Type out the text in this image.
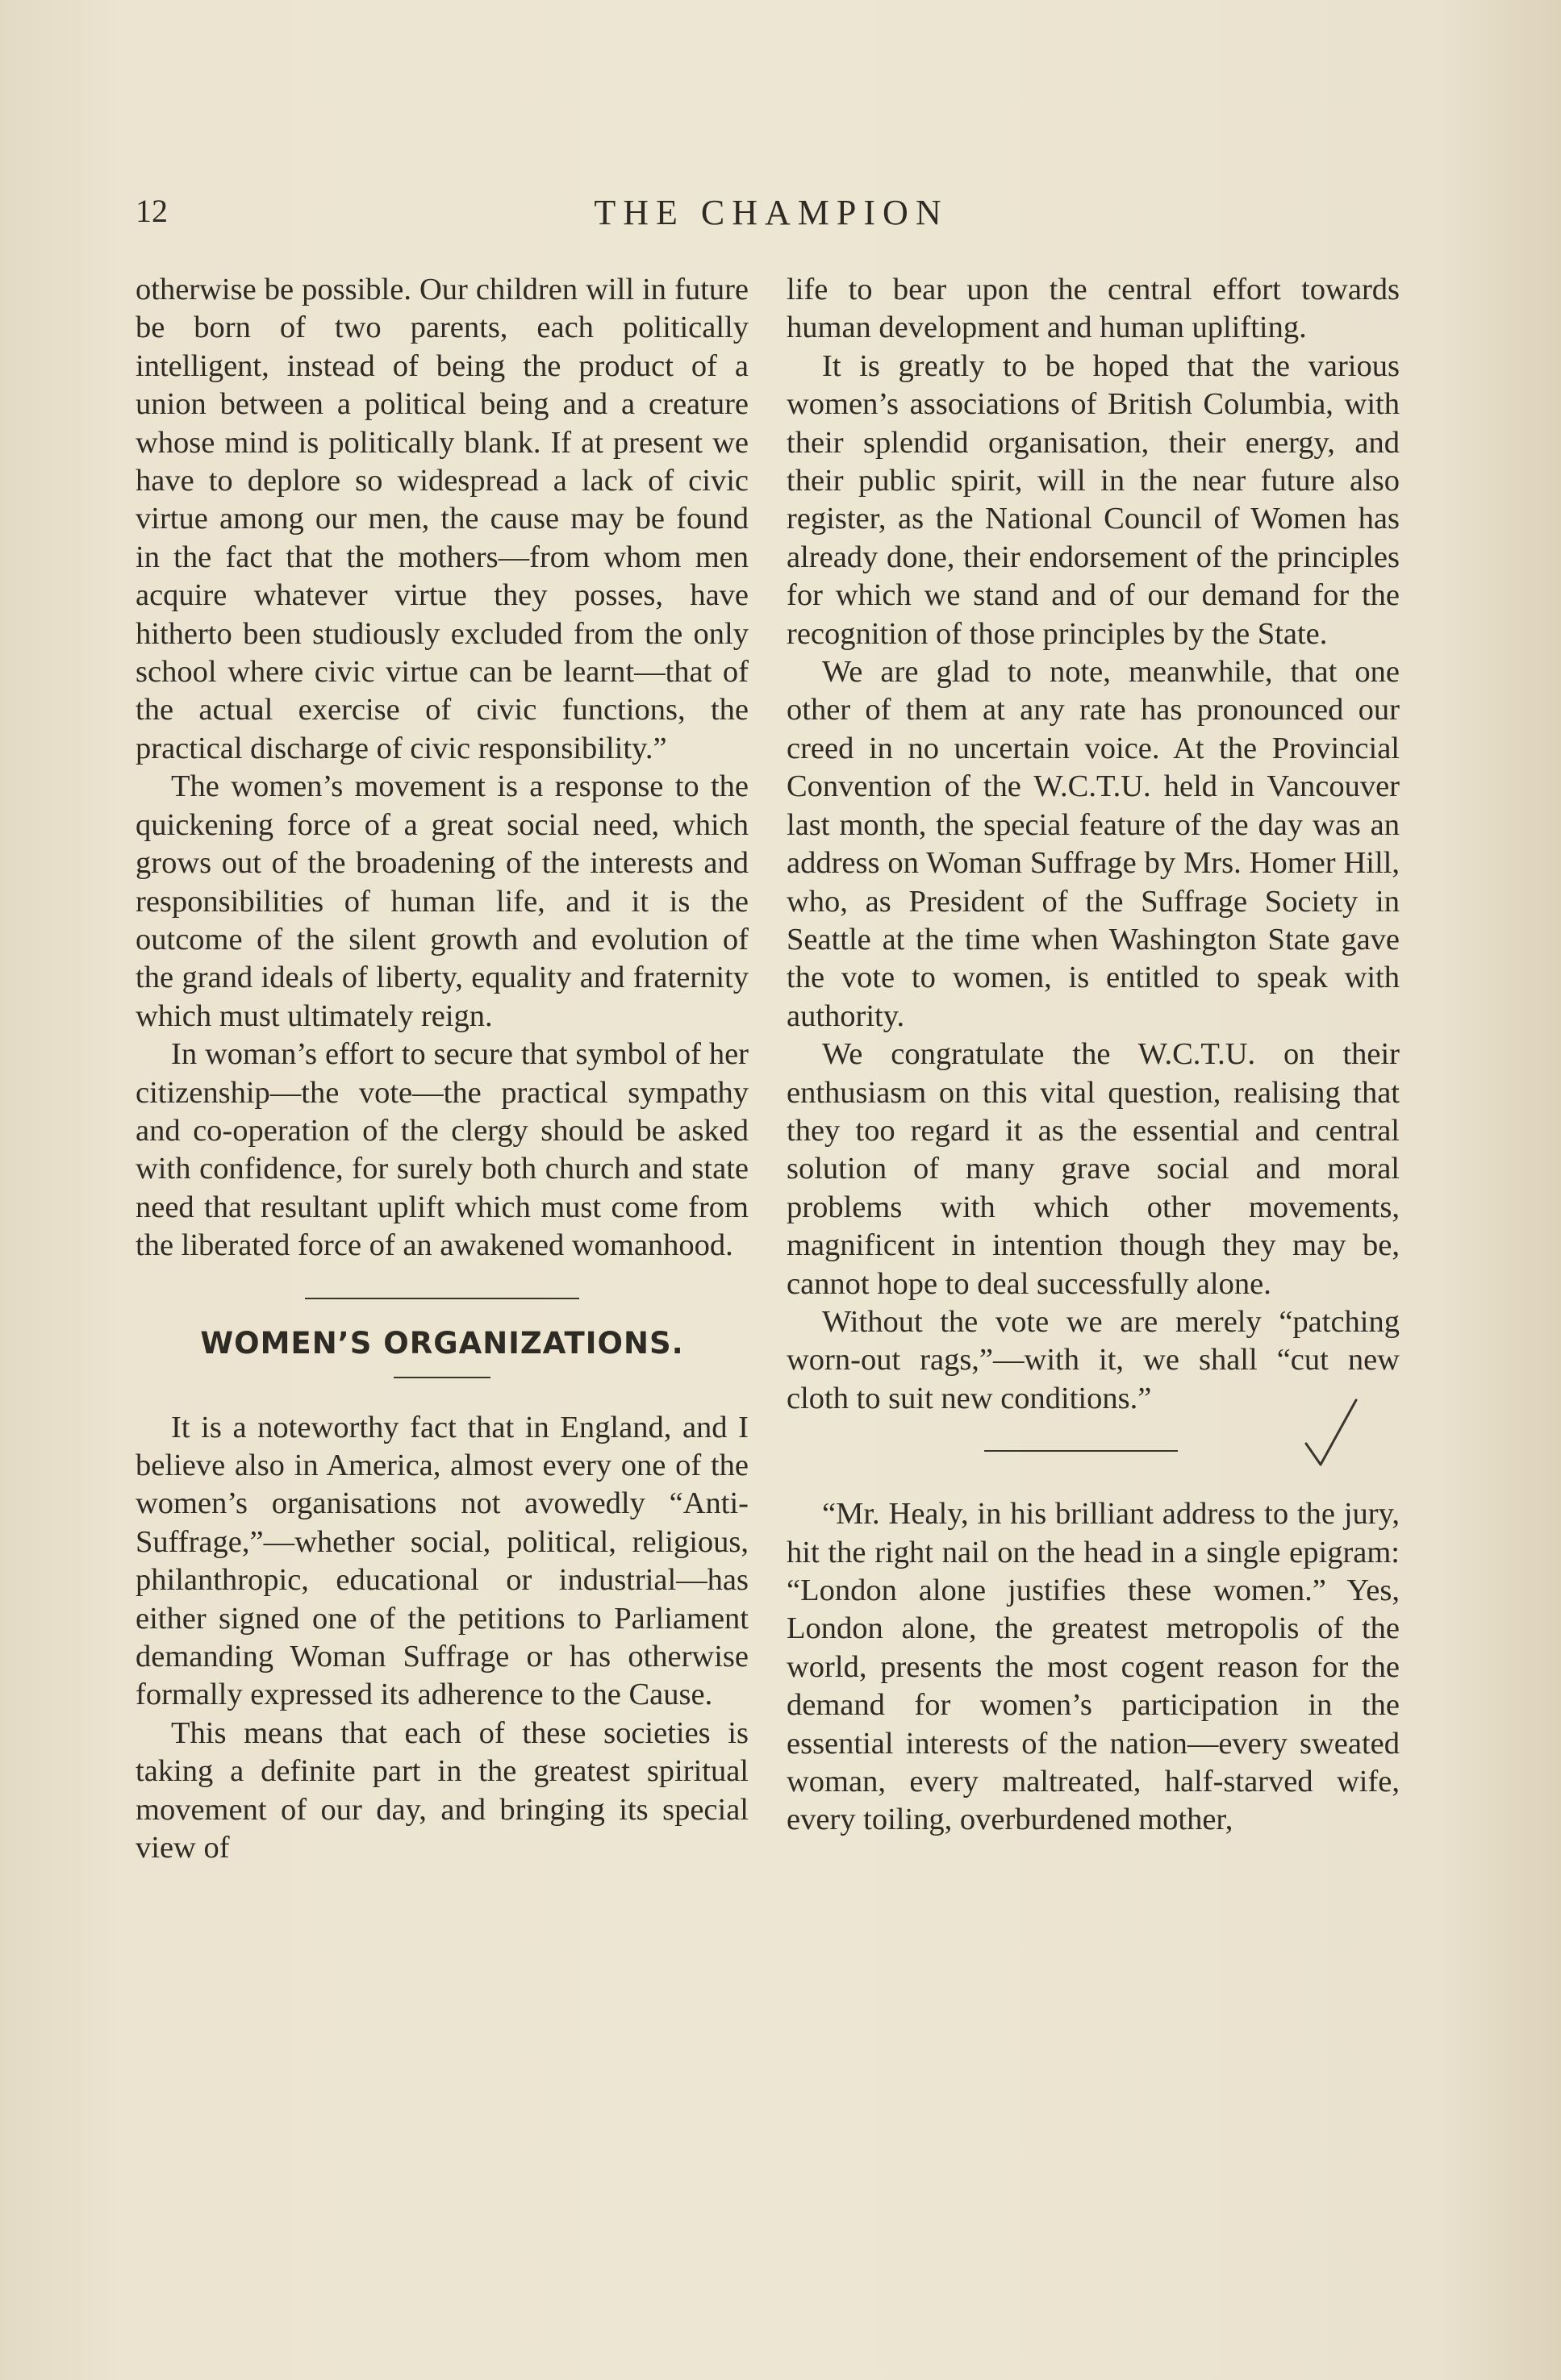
12	THE CHAMPION

otherwise be possible. Our children will in future be born of two parents, each politically intelligent, instead of being the product of a union between a political being and a creature whose mind is politically blank. If at present we have to deplore so widespread a lack of civic virtue among our men, the cause may be found in the fact that the mothers—from whom men acquire whatever virtue they posses, have hitherto been studiously excluded from the only school where civic virtue can be learnt—that of the actual exercise of civic functions, the practical discharge of civic responsibility.”

The women’s movement is a response to the quickening force of a great social need, which grows out of the broadening of the interests and responsibilities of human life, and it is the outcome of the silent growth and evolution of the grand ideals of liberty, equality and fraternity which must ultimately reign.

In woman’s effort to secure that symbol of her citizenship—the vote—the practical sympathy and co-operation of the clergy should be asked with confidence, for surely both church and state need that resultant uplift which must come from the liberated force of an awakened womanhood.

WOMEN’S ORGANIZATIONS.

It is a noteworthy fact that in England, and I believe also in America, almost every one of the women’s organisations not avowedly “Anti-Suffrage,”—whether social, political, religious, philanthropic, educational or industrial—has either signed one of the petitions to Parliament demanding Woman Suffrage or has otherwise formally expressed its adherence to the Cause.

This means that each of these societies is taking a definite part in the greatest spiritual movement of our day, and bringing its special view of

life to bear upon the central effort towards human development and human uplifting.

It is greatly to be hoped that the various women’s associations of British Columbia, with their splendid organisation, their energy, and their public spirit, will in the near future also register, as the National Council of Women has already done, their endorsement of the principles for which we stand and of our demand for the recognition of those principles by the State.

We are glad to note, meanwhile, that one other of them at any rate has pronounced our creed in no uncertain voice. At the Provincial Convention of the W.C.T.U. held in Vancouver last month, the special feature of the day was an address on Woman Suffrage by Mrs. Homer Hill, who, as President of the Suffrage Society in Seattle at the time when Washington State gave the vote to women, is entitled to speak with authority.

We congratulate the W.C.T.U. on their enthusiasm on this vital question, realising that they too regard it as the essential and central solution of many grave social and moral problems with which other movements, magnificent in intention though they may be, cannot hope to deal successfully alone.

Without the vote we are merely “patching worn-out rags,”—with it, we shall “cut new cloth to suit new conditions.”

“Mr. Healy, in his brilliant address to the jury, hit the right nail on the head in a single epigram: “London alone justifies these women.” Yes, London alone, the greatest metropolis of the world, presents the most cogent reason for the demand for women’s participation in the essential interests of the nation—every sweated woman, every maltreated, half-starved wife, every toiling, overburdened mother,
